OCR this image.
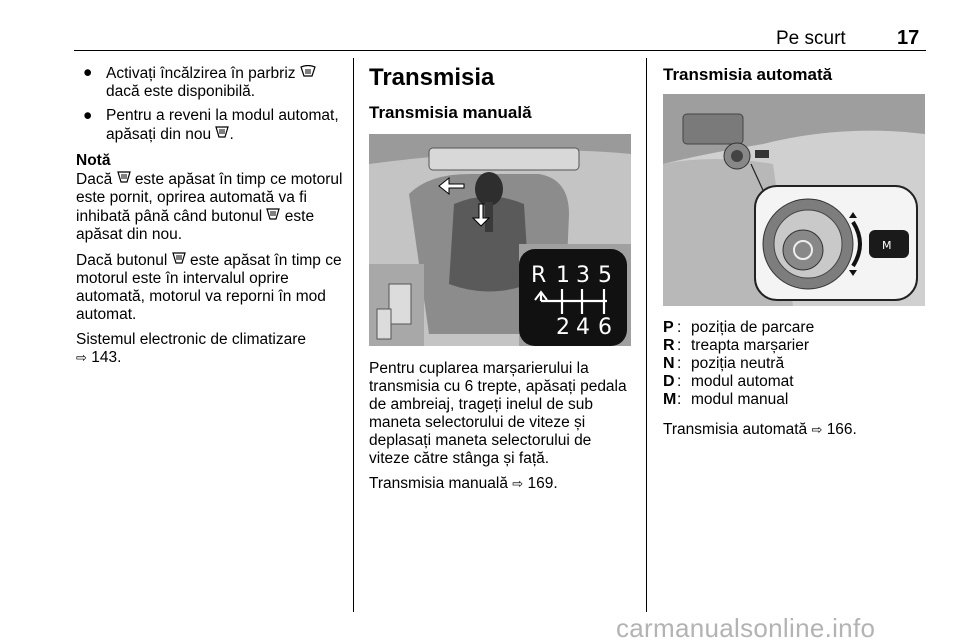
Pe scurt	17
● Activați încălzirea în parbriz
dacă este disponibilă.
● Pentru a reveni la modul automat, apăsați din nou .
Notă
Dacă este apăsat în timp ce motorul este pornit, oprirea automată va fi inhibată până când butonul este apăsat din nou.
Dacă butonul este apăsat în timp ce motorul este în intervalul oprire automată, motorul va reporni în mod automat.
Sistemul electronic de climatizare
⇨ 143.
Transmisia
Transmisia manuală
R 1 3 5
2 4 6
Pentru cuplarea marșarierului la transmisia cu 6 trepte, apăsați pedala de ambreiaj, trageți inelul de sub maneta selectorului de viteze și deplasați maneta selectorului de viteze către stânga și față.
Transmisia manuală ⇨ 169.
Transmisia automată
M
P : poziția de parcare
R : treapta marșarier
N : poziția neutră
D : modul automat
M : modul manual
Transmisia automată ⇨ 166.
carmanualsonline.info
